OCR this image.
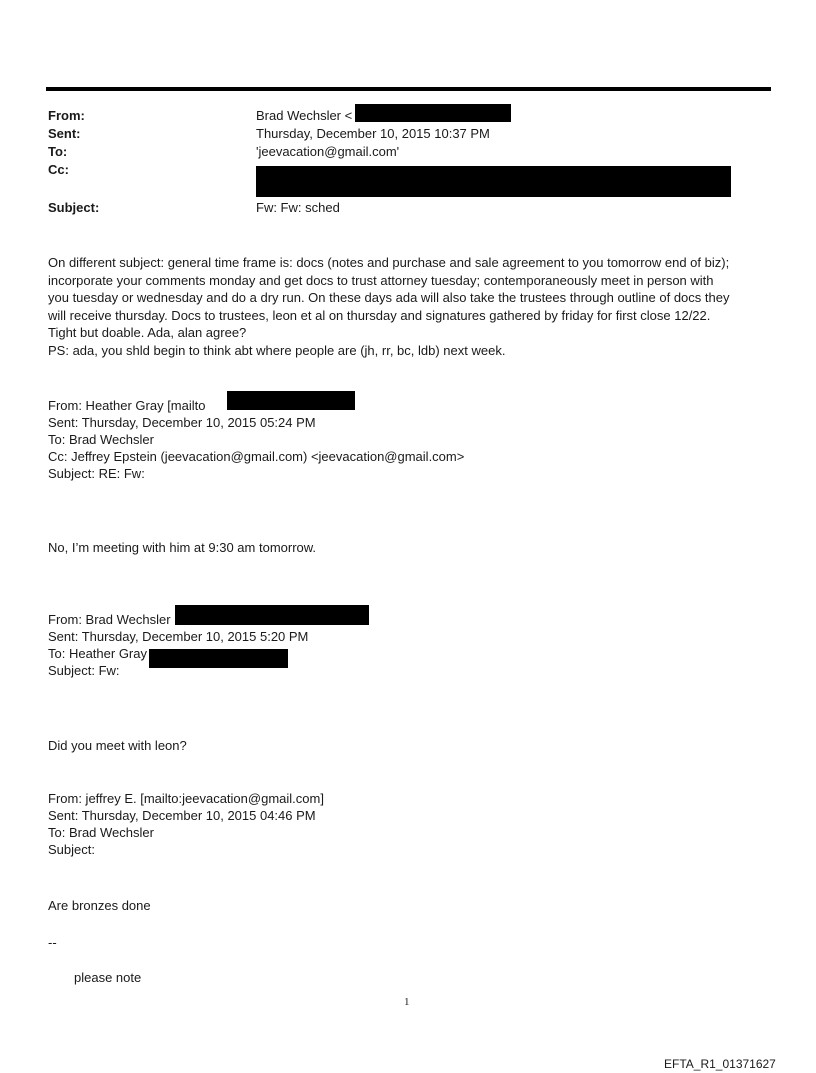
From:	Brad Wechsler <
Sent:	Thursday, December 10, 2015 10:37 PM
To:	'jeevacation@gmail.com'
Cc:
Subject:	Fw: Fw: sched
On different subject: general time frame is: docs (notes and purchase and sale agreement to you tomorrow end of biz);
incorporate your comments monday and get docs to trust attorney tuesday; contemporaneously meet in person with
you tuesday or wednesday and do a dry run. On these days ada will also take the trustees through outline of docs they
will receive thursday. Docs to trustees, leon et al on thursday and signatures gathered by friday for first close 12/22.
Tight but doable. Ada, alan agree?
PS: ada, you shld begin to think abt where people are (jh, rr, bc, ldb) next week.
From: Heather Gray [mailto
Sent: Thursday, December 10, 2015 05:24 PM
To: Brad Wechsler
Cc: Jeffrey Epstein (jeevacation@gmail.com) <jeevacation@gmail.com>
Subject: RE: Fw:
No, I’m meeting with him at 9:30 am tomorrow.
From: Brad Wechsler
Sent: Thursday, December 10, 2015 5:20 PM
To: Heather Gray
Subject: Fw:
Did you meet with leon?
From: jeffrey E. [mailto:jeevacation@gmail.com]
Sent: Thursday, December 10, 2015 04:46 PM
To: Brad Wechsler
Subject:
Are bronzes done
--
please note
1
EFTA_R1_01371627
